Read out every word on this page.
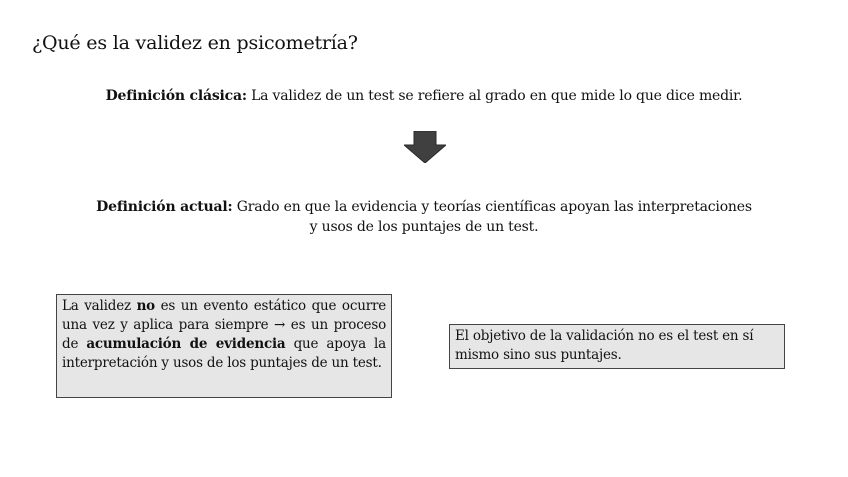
¿Qué es la validez en psicometría?
Definición clásica: La validez de un test se refiere al grado en que mide lo que dice medir.
Definición actual: Grado en que la evidencia y teorías científicas apoyan las interpretaciones
y usos de los puntajes de un test.
La validez no es un evento estático que ocurre una vez y aplica para siempre → es un proceso de acumulación de evidencia que apoya la interpretación y usos de los puntajes de un test.
El objetivo de la validación no es el test en sí mismo sino sus puntajes.
